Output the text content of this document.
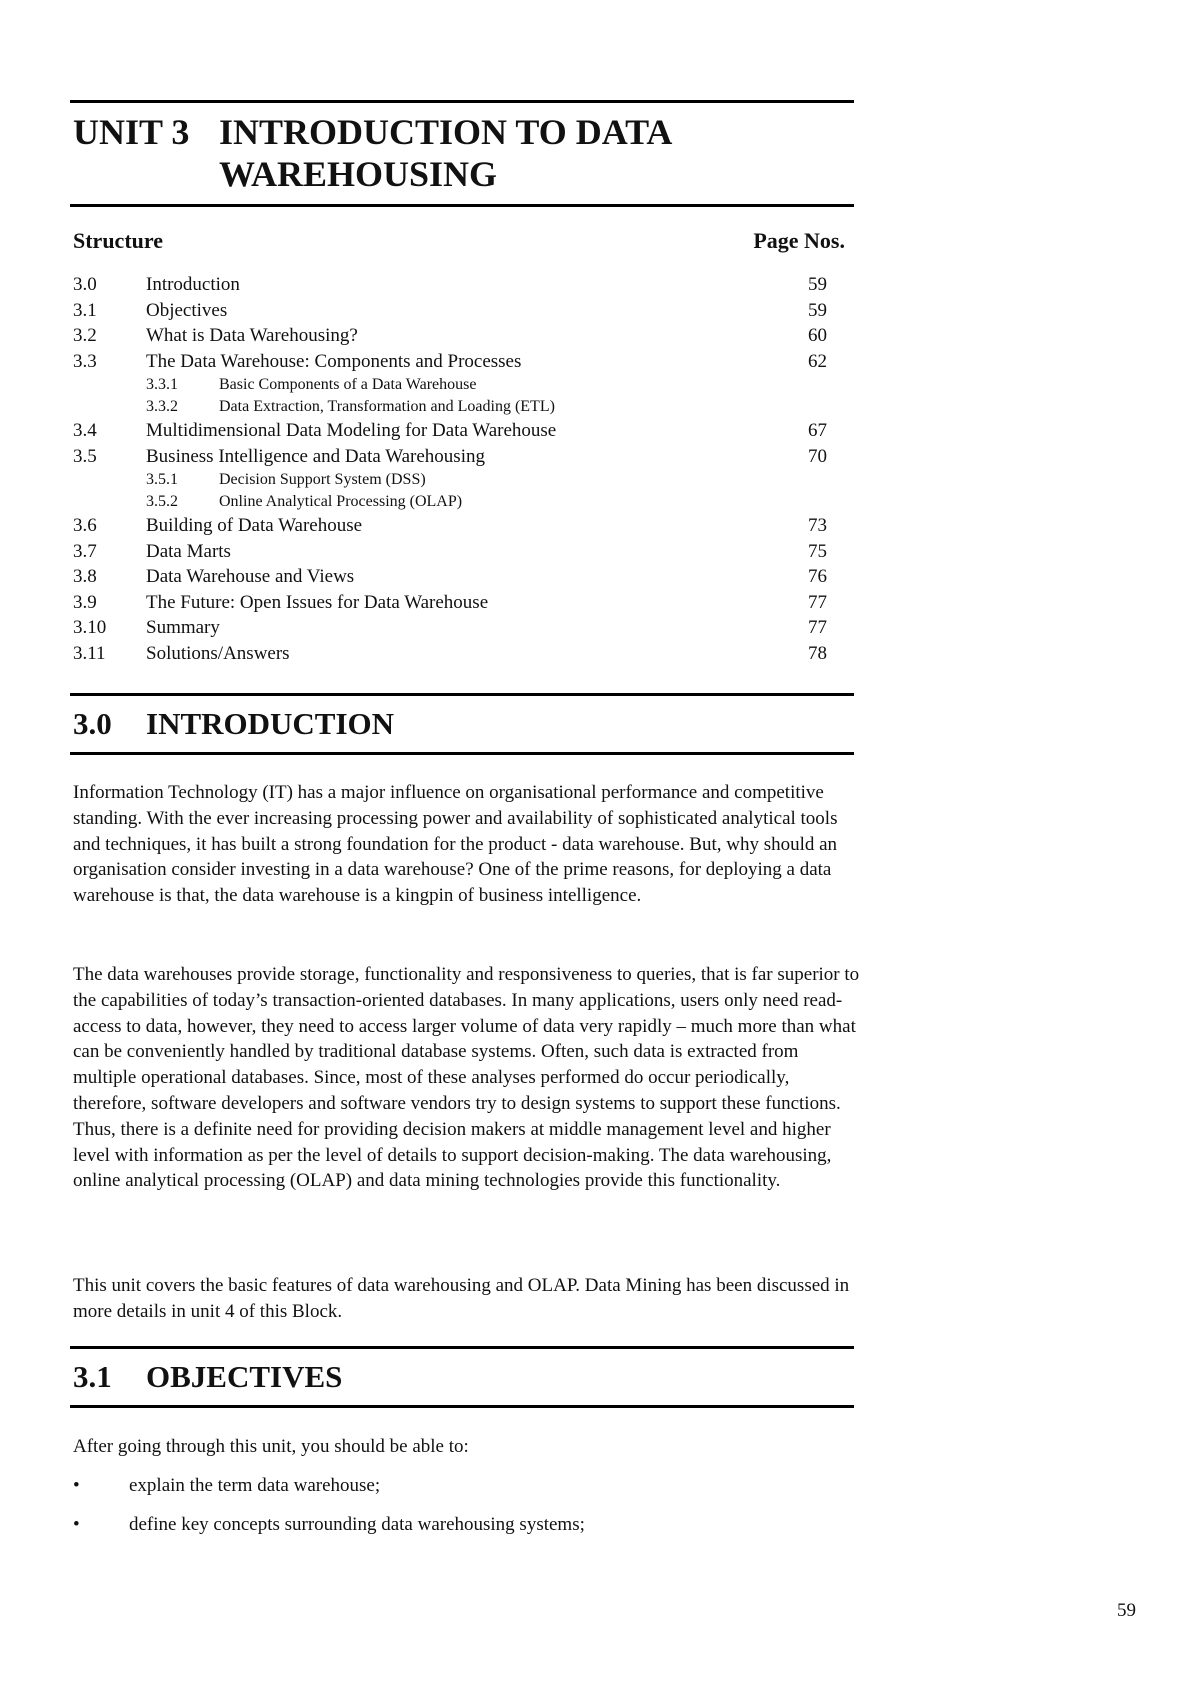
UNIT 3 INTRODUCTION TO DATA
WAREHOUSING
Structure	Page Nos.
3.0	Introduction	59
3.1	Objectives	59
3.2	What is Data Warehousing?	60
3.3	The Data Warehouse: Components and Processes	62
3.3.1	Basic Components of a Data Warehouse
3.3.2	Data Extraction, Transformation and Loading (ETL)
3.4	Multidimensional Data Modeling for Data Warehouse	67
3.5	Business Intelligence and Data Warehousing	70
3.5.1	Decision Support System (DSS)
3.5.2	Online Analytical Processing (OLAP)
3.6	Building of Data Warehouse	73
3.7	Data Marts	75
3.8	Data Warehouse and Views	76
3.9	The Future: Open Issues for Data Warehouse	77
3.10 Summary	77
3.11 Solutions/Answers	78
3.0 INTRODUCTION

Information Technology (IT) has a major influence on organisational performance and competitive standing. With the ever increasing processing power and availability of sophisticated analytical tools and techniques, it has built a strong foundation for the product - data warehouse. But, why should an organisation consider investing in a data warehouse? One of the prime reasons, for deploying a data warehouse is that, the data warehouse is a kingpin of business intelligence.

The data warehouses provide storage, functionality and responsiveness to queries, that is far superior to the capabilities of today’s transaction-oriented databases. In many applications, users only need read-access to data, however, they need to access larger volume of data very rapidly – much more than what can be conveniently handled by traditional database systems. Often, such data is extracted from multiple operational databases. Since, most of these analyses performed do occur periodically, therefore, software developers and software vendors try to design systems to support these functions. Thus, there is a definite need for providing decision makers at middle management level and higher level with information as per the level of details to support decision-making. The data warehousing, online analytical processing (OLAP) and data mining technologies provide this functionality.

This unit covers the basic features of data warehousing and OLAP. Data Mining has been discussed in more details in unit 4 of this Block.

3.1 OBJECTIVES

After going through this unit, you should be able to:

•	explain the term data warehouse;
•	define key concepts surrounding data warehousing systems;
59
